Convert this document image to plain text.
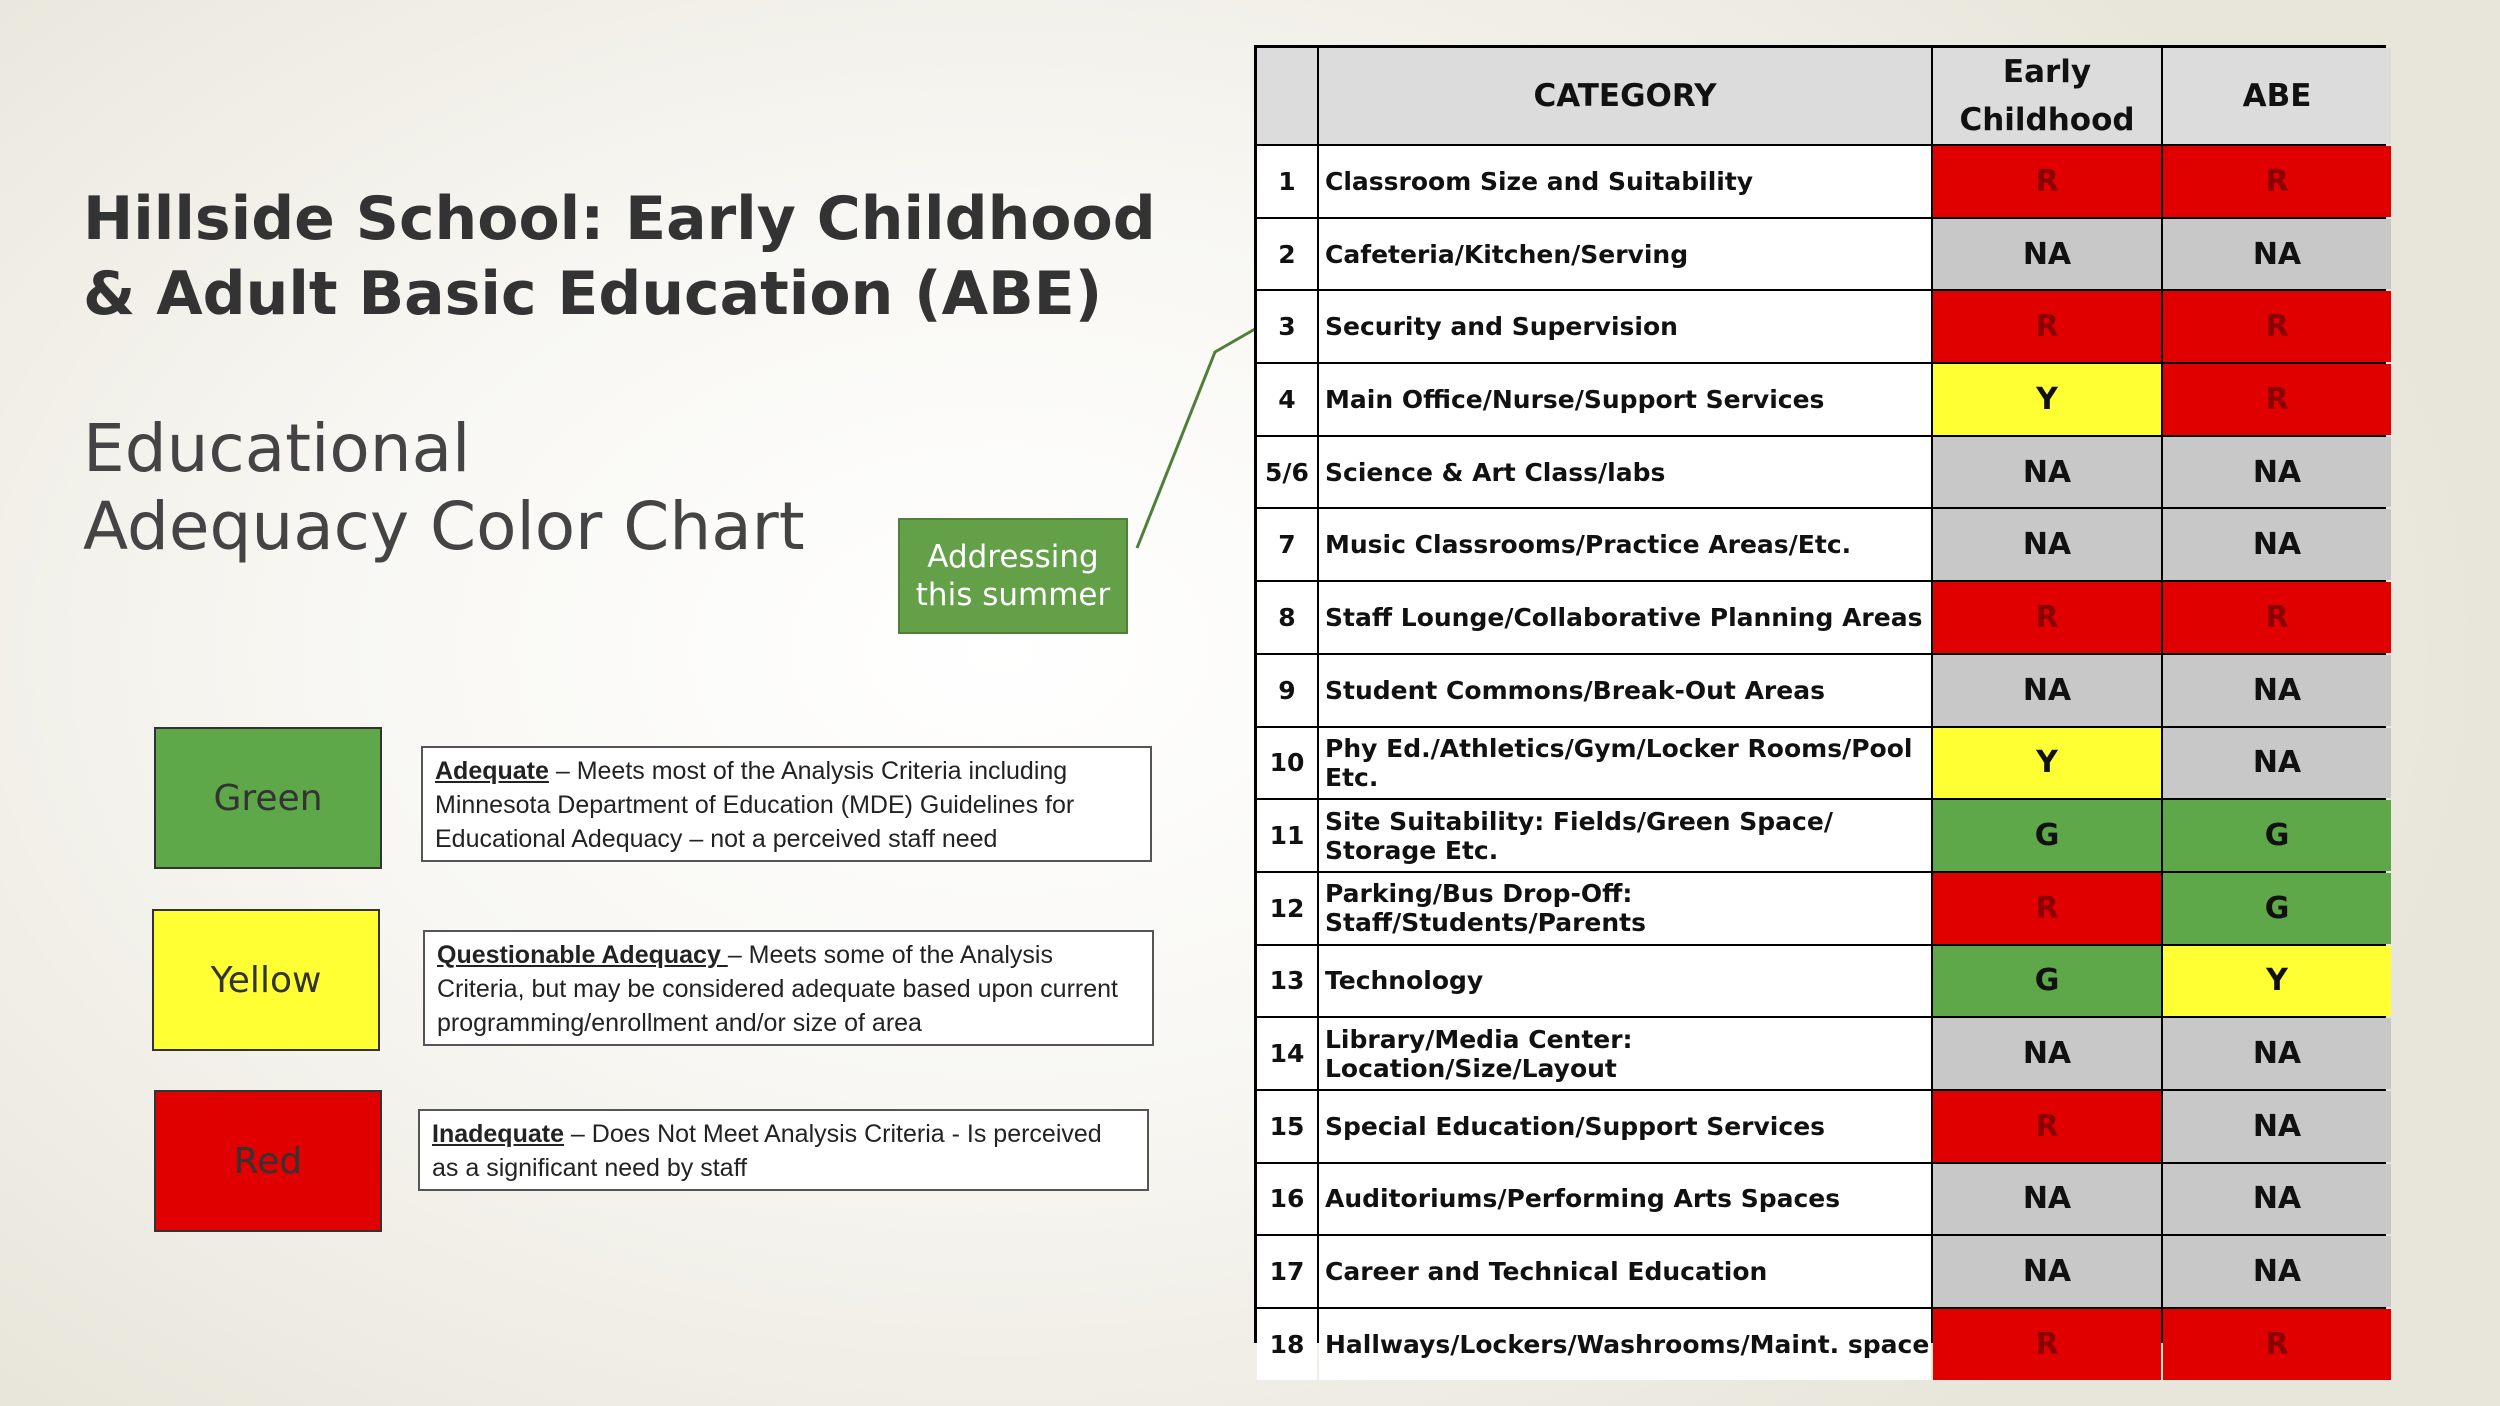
Hillside School: Early Childhood
& Adult Basic Education (ABE)
Educational
Adequacy Color Chart	Addressing
this summer
Green
Adequate – Meets most of the Analysis Criteria including Minnesota Department of Education (MDE) Guidelines for Educational Adequacy – not a perceived staff need
Yellow
Questionable Adequacy – Meets some of the Analysis Criteria, but may be considered adequate based upon current programming/enrollment and/or size of area
Red
Inadequate – Does Not Meet Analysis Criteria - Is perceived as a significant need by staff
CATEGORY
Early
Childhood
ABE
1	Classroom Size and Suitability	R	R
2	Cafeteria/Kitchen/Serving	NA	NA
3	Security and Supervision	R	R
4	Main Office/Nurse/Support Services	Y	R
5/6 Science & Art Class/labs	NA	NA
7	Music Classrooms/Practice Areas/Etc.	NA	NA
8	Staff Lounge/Collaborative Planning Areas	R	R
9	Student Commons/Break-Out Areas	NA	NA
10 Phy Ed./Athletics/Gym/Locker Rooms/Pool Etc.	Y	NA
11 Site Suitability: Fields/Green Space/ Storage Etc.	G	G
12 Parking/Bus Drop-Off: Staff/Students/Parents	R	G
13 Technology	G	Y
14 Library/Media Center: Location/Size/Layout	NA	NA
15 Special Education/Support Services	R	NA
16 Auditoriums/Performing Arts Spaces	NA	NA
17 Career and Technical Education	NA	NA
18 Hallways/Lockers/Washrooms/Maint. space	R	R
